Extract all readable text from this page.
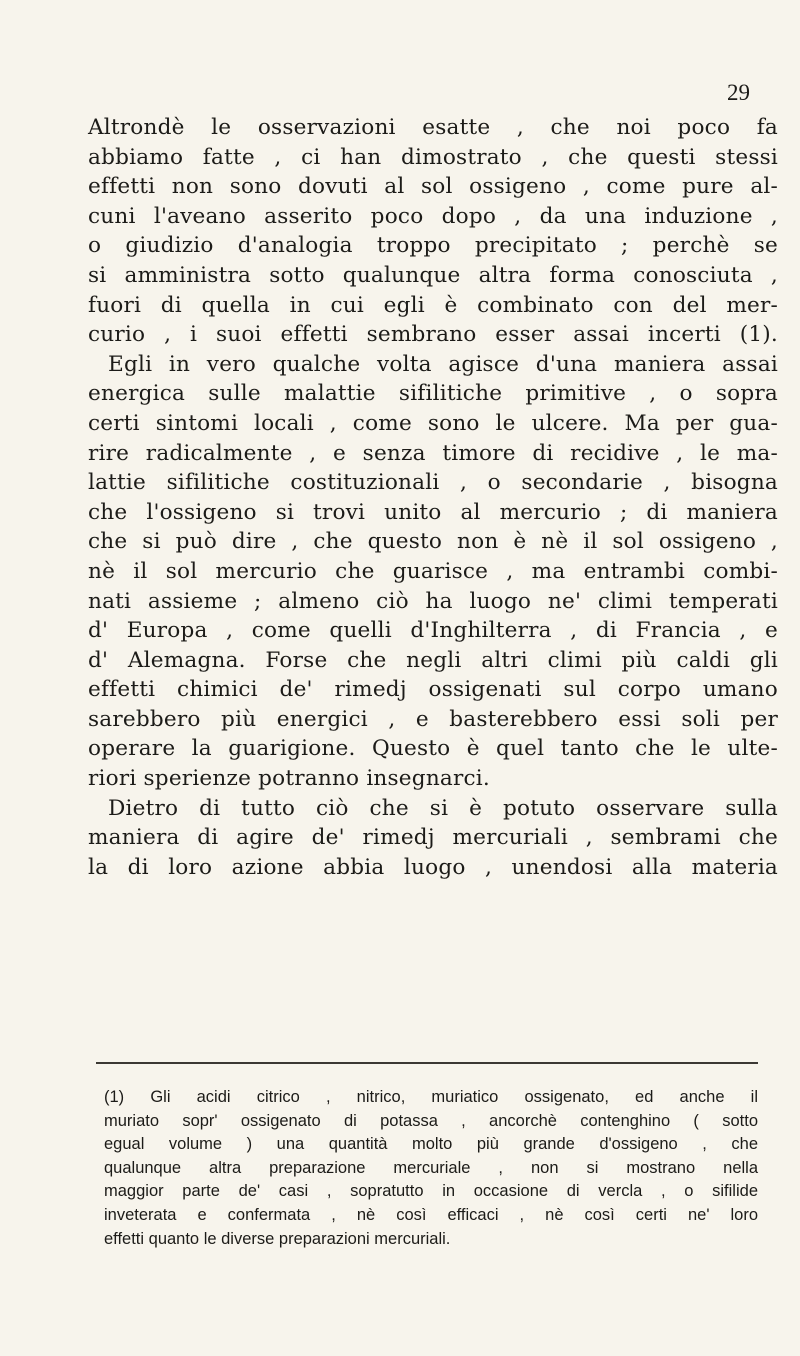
29
Altrondè le osservazioni esatte , che noi poco fa
abbiamo fatte , ci han dimostrato , che questi stessi
effetti non sono dovuti al sol ossigeno , come pure al-
cuni l'aveano asserito poco dopo , da una induzione ,
o giudizio d'analogia troppo precipitato ; perchè se
si amministra sotto qualunque altra forma conosciuta ,
fuori di quella in cui egli è combinato con del mer-
curio , i suoi effetti sembrano esser assai incerti (1).
Egli in vero qualche volta agisce d'una maniera assai
energica sulle malattie sifilitiche primitive , o sopra
certi sintomi locali , come sono le ulcere. Ma per gua-
rire radicalmente , e senza timore di recidive , le ma-
lattie sifilitiche costituzionali , o secondarie , bisogna
che l'ossigeno si trovi unito al mercurio ; di maniera
che si può dire , che questo non è nè il sol ossigeno ,
nè il sol mercurio che guarisce , ma entrambi combi-
nati assieme ; almeno ciò ha luogo ne' climi temperati
d' Europa , come quelli d'Inghilterra , di Francia , e
d' Alemagna. Forse che negli altri climi più caldi gli
effetti chimici de' rimedj ossigenati sul corpo umano
sarebbero più energici , e basterebbero essi soli per
operare la guarigione. Questo è quel tanto che le ulte-
riori sperienze potranno insegnarci.
Dietro di tutto ciò che si è potuto osservare sulla
maniera di agire de' rimedj mercuriali , sembrami che
la di loro azione abbia luogo , unendosi alla materia
(1) Gli acidi citrico , nitrico, muriatico ossigenato, ed anche il
muriato sopr' ossigenato di potassa , ancorchè contenghino ( sotto
egual volume ) una quantità molto più grande d'ossigeno , che
qualunque altra preparazione mercuriale , non si mostrano nella
maggior parte de' casi , sopratutto in occasione di vercla , o sifilide
inveterata e confermata , nè così efficaci , nè così certi ne' loro
effetti quanto le diverse preparazioni mercuriali.
